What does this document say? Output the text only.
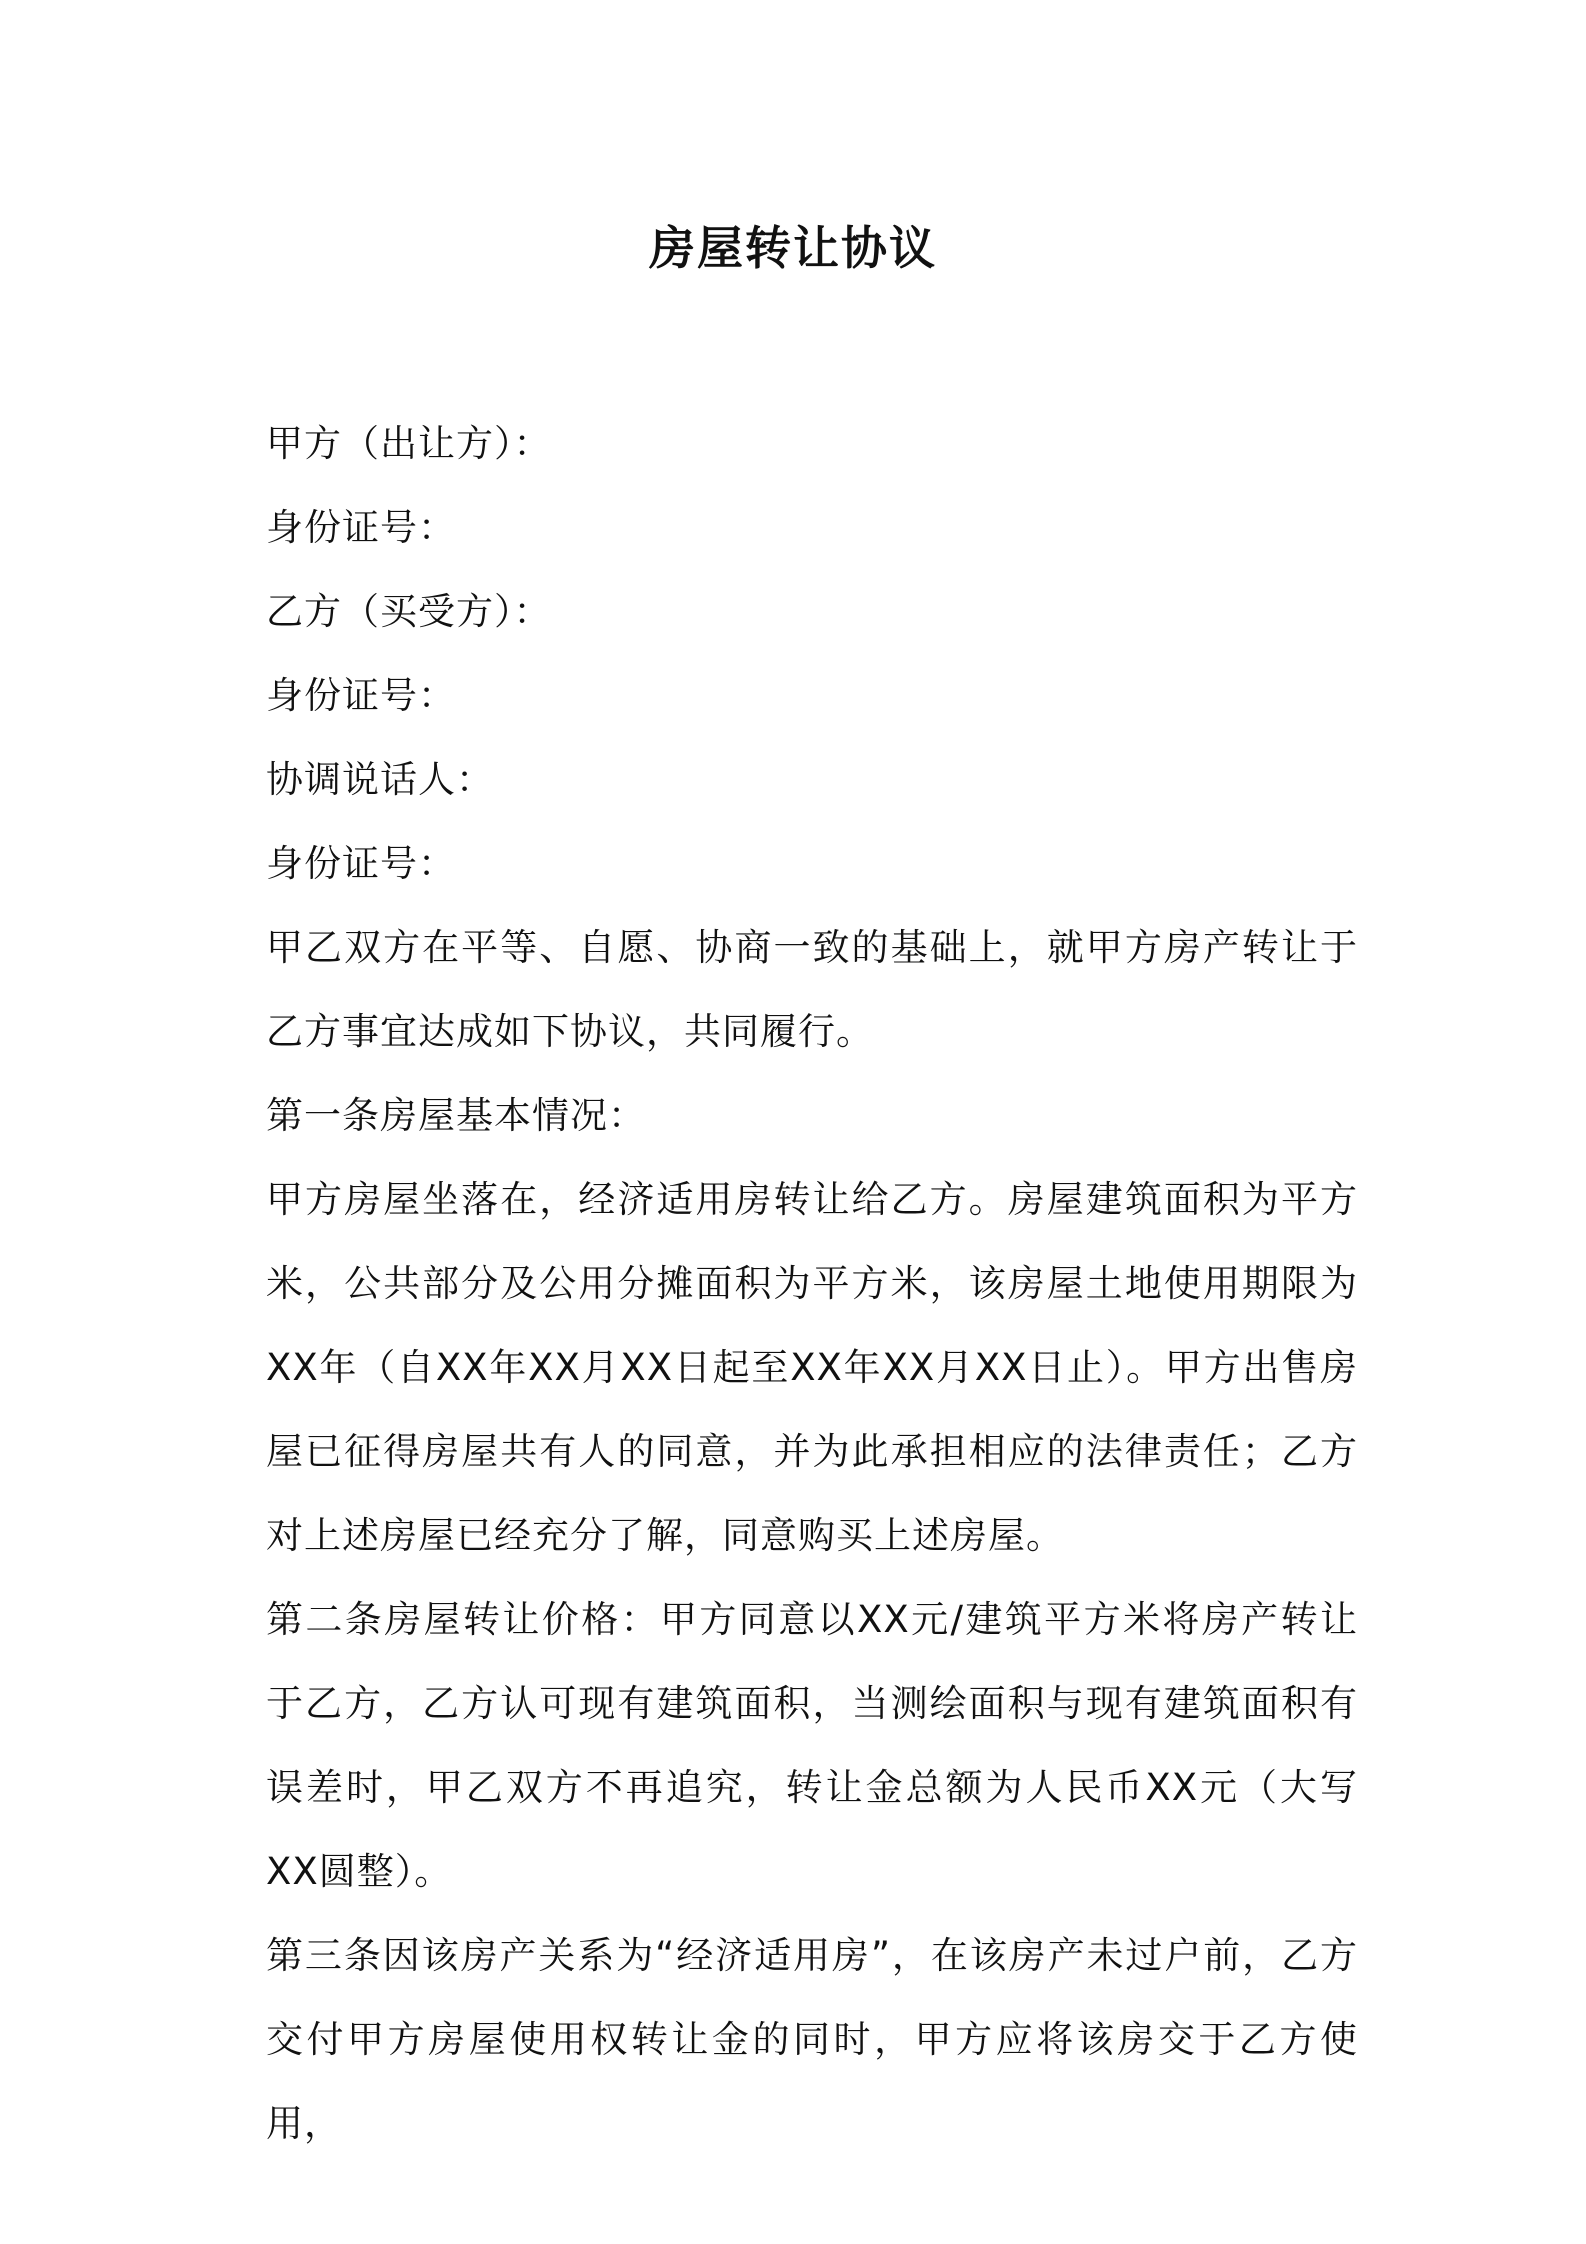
房屋转让协议

甲方（出让方）：

身份证号：

乙方（买受方）：

身份证号：

协调说话人：

身份证号：

甲乙双方在平等、自愿、协商一致的基础上，就甲方房产转让于乙方事宜达成如下协议，共同履行。

第一条房屋基本情况：

甲方房屋坐落在，经济适用房转让给乙方。房屋建筑面积为平方米，公共部分及公用分摊面积为平方米，该房屋土地使用期限为XX年（自XX年XX月XX日起至XX年XX月XX日止）。甲方出售房屋已征得房屋共有人的同意，并为此承担相应的法律责任；乙方对上述房屋已经充分了解，同意购买上述房屋。

第二条房屋转让价格：甲方同意以XX元/建筑平方米将房产转让于乙方，乙方认可现有建筑面积，当测绘面积与现有建筑面积有误差时，甲乙双方不再追究，转让金总额为人民币XX元（大写XX圆整）。

第三条因该房产关系为“经济适用房”，在该房产未过户前，乙方交付甲方房屋使用权转让金的同时，甲方应将该房交于乙方使用，
